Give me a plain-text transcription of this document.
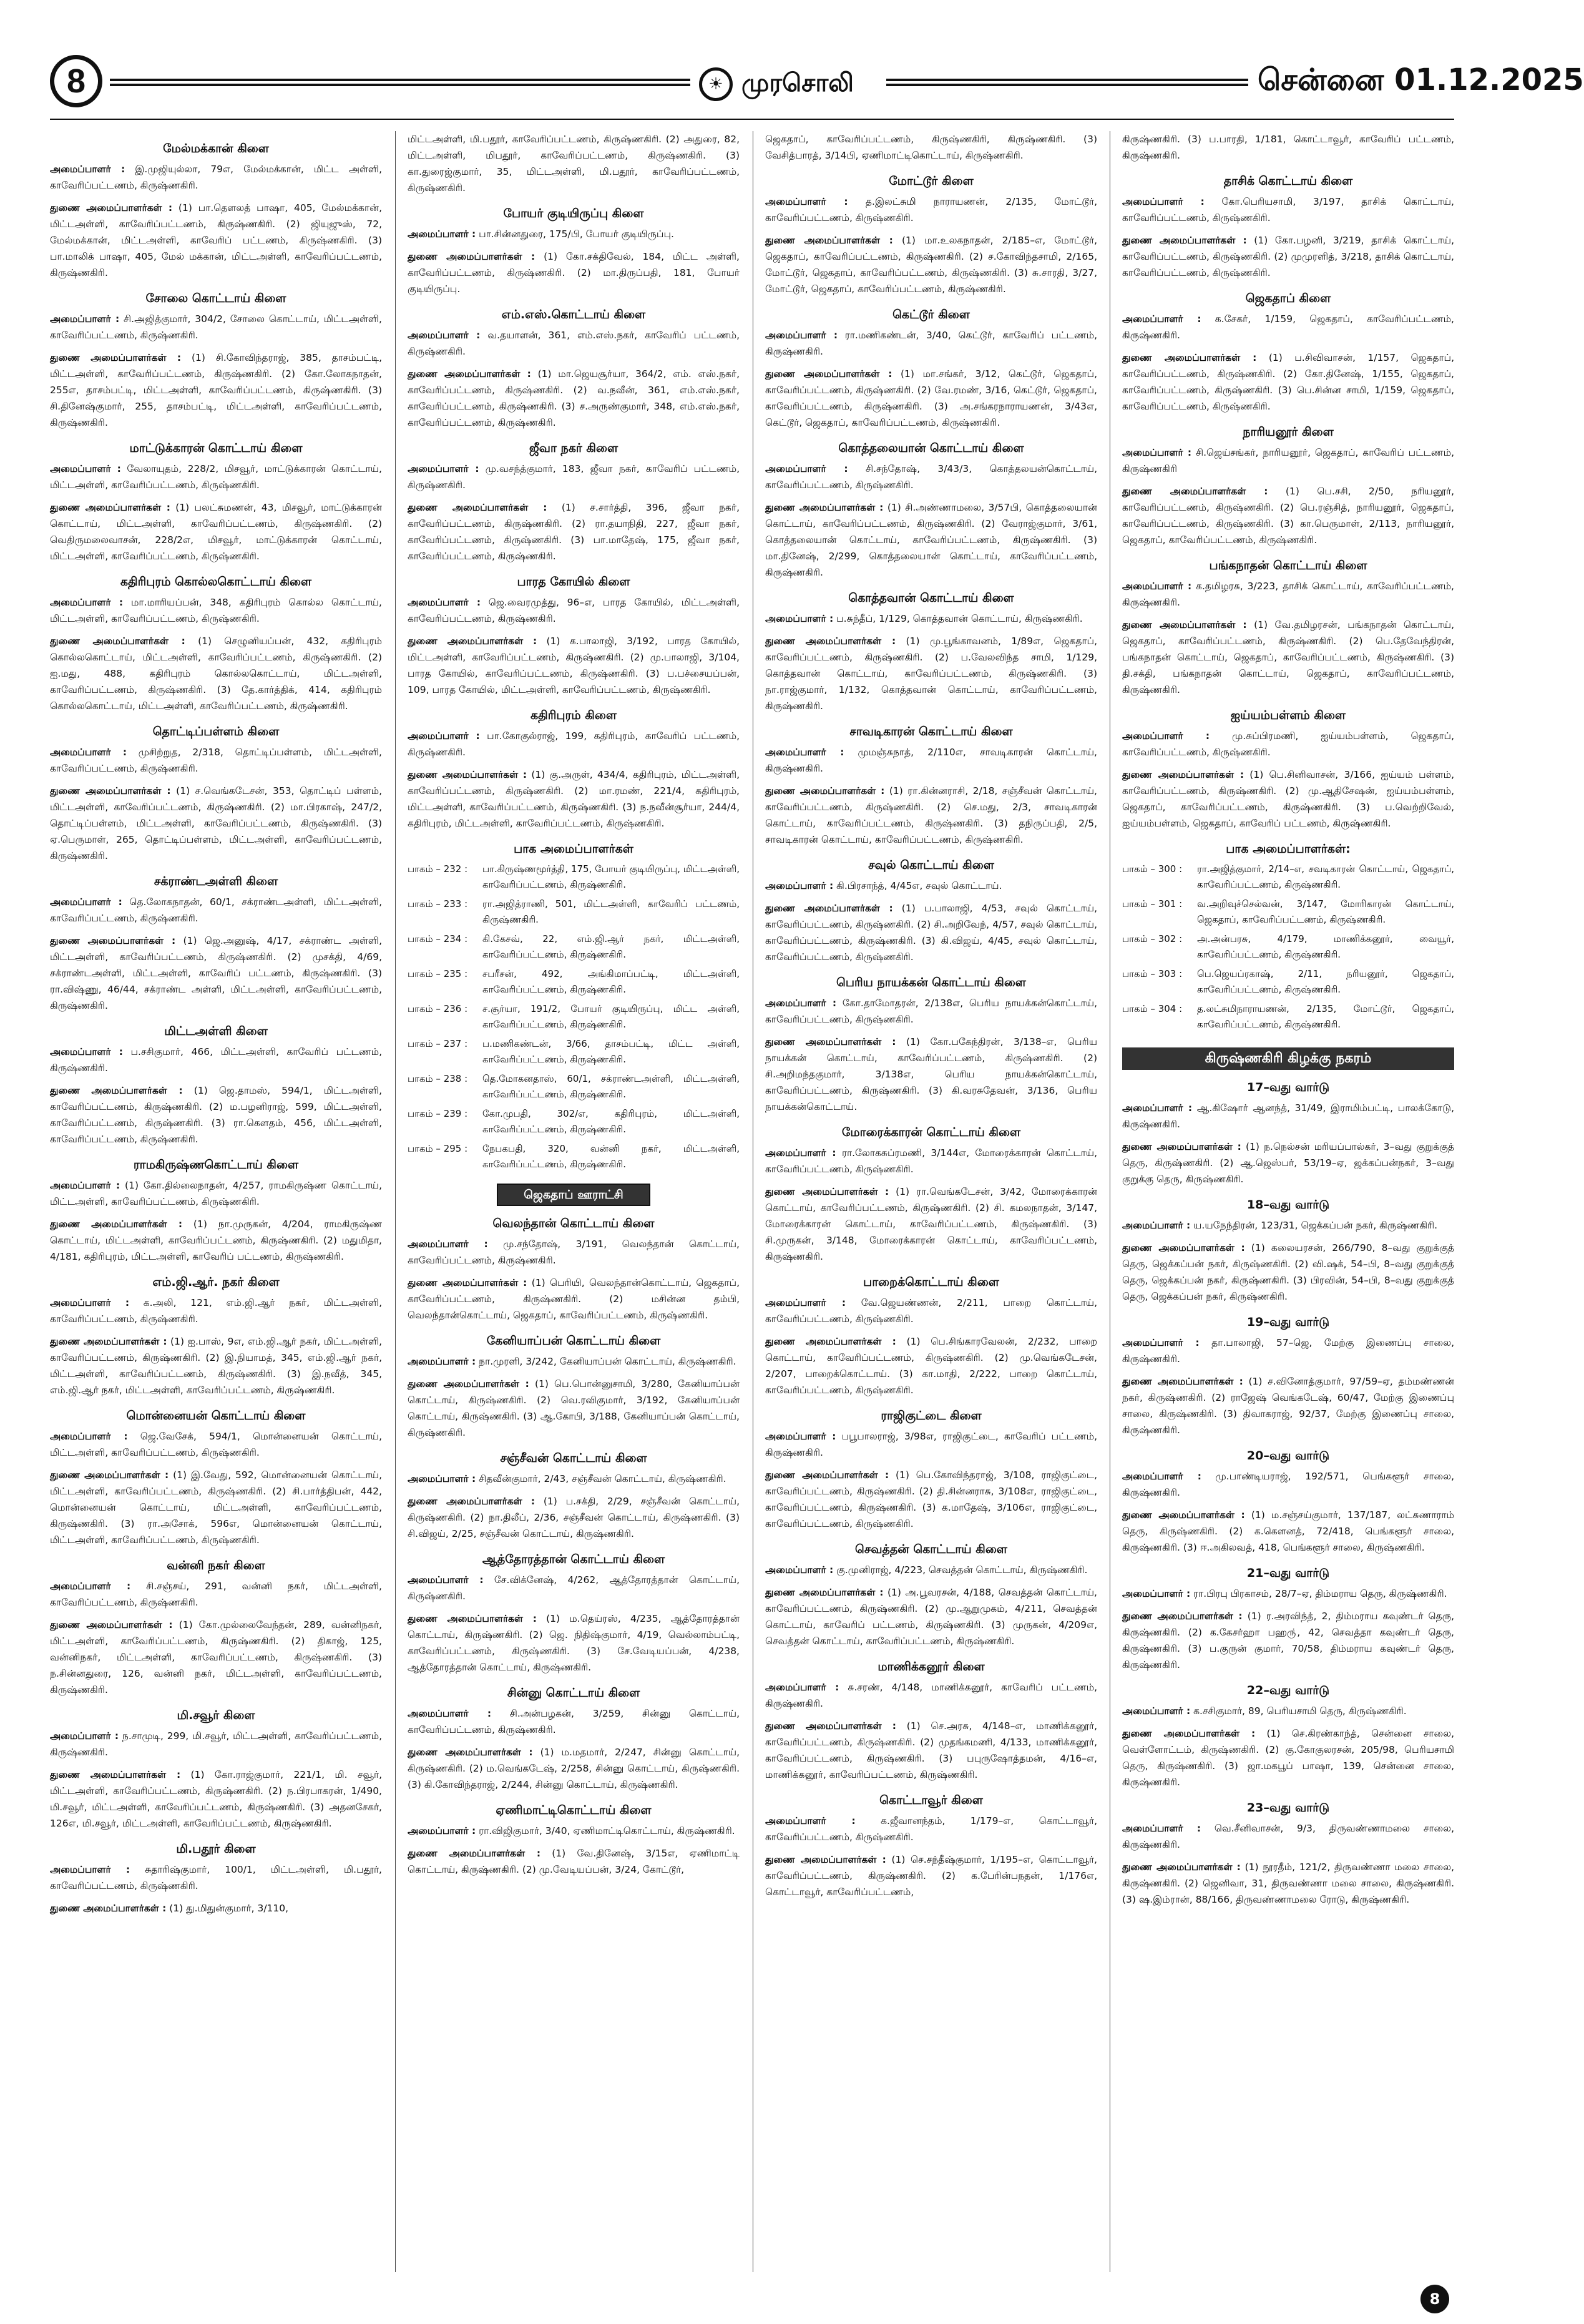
8	☀ முரசொலி	சென்னை 01.12.2025
மேல்மக்கான் கிளை

அமைப்பாளர் : இ.முஜியுல்லா, 79எ, மேல்மக்கான், மிட்ட அள்ளி, காவேரிப்பட்டணம், கிருஷ்ணகிரி.

துணை அமைப்பாளர்கள் : (1) பா.தௌலத் பாஷா, 405, மேல்மக்கான், மிட்டஅள்ளி, காவேரிப்பட்டணம், கிருஷ்ணகிரி. (2) ஜியுஜுஸ், 72, மேல்மக்கான், மிட்டஅள்ளி, காவேரிப் பட்டணம், கிருஷ்ணகிரி. (3) பா.மாலிக் பாஷா, 405, மேல் மக்கான், மிட்டஅள்ளி, காவேரிப்பட்டணம், கிருஷ்ணகிரி.

சோலை கொட்டாய் கிளை

அமைப்பாளர் : சி.அஜித்குமார், 304/2, சோலை கொட்டாய், மிட்டஅள்ளி, காவேரிப்பட்டணம், கிருஷ்ணகிரி.

துணை அமைப்பாளர்கள் : (1) சி.கோவிந்தராஜ், 385, தாசம்பட்டி, மிட்டஅள்ளி, காவேரிப்பட்டணம், கிருஷ்ணகிரி. (2) கோ.லோகநாதன், 255எ, தாசம்பட்டி, மிட்டஅள்ளி, காவேரிப்பட்டணம், கிருஷ்ணகிரி. (3) சி.தினேஷ்குமார், 255, தாசம்பட்டி, மிட்டஅள்ளி, காவேரிப்பட்டணம், கிருஷ்ணகிரி.

மாட்டுக்காரன் கொட்டாய் கிளை

அமைப்பாளர் : வேலாயுதம், 228/2, மிசவூர், மாட்டுக்காரன் கொட்டாய், மிட்டஅள்ளி, காவேரிப்பட்டணம், கிருஷ்ணகிரி.

துணை அமைப்பாளர்கள் : (1) பலட்சுமணன், 43, மிசவூர், மாட்டுக்காரன் கொட்டாய், மிட்டஅள்ளி, காவேரிப்பட்டணம், கிருஷ்ணகிரி. (2) வெதிருமலைவாசன், 228/2எ, மிசவூர், மாட்டுக்காரன் கொட்டாய், மிட்டஅள்ளி, காவேரிப்பட்டணம், கிருஷ்ணகிரி.

கதிரிபுரம் கொல்லகொட்டாய் கிளை

அமைப்பாளர் : மா.மாரியப்பன், 348, கதிரிபுரம் கொல்ல கொட்டாய், மிட்டஅள்ளி, காவேரிப்பட்டணம், கிருஷ்ணகிரி.

துணை அமைப்பாளர்கள் : (1) செழுனியப்பன், 432, கதிரிபுரம் கொல்லகொட்டாய், மிட்டஅள்ளி, காவேரிப்பட்டணம், கிருஷ்ணகிரி. (2) ஐ.மது, 488, கதிரிபுரம் கொல்லகொட்டாய், மிட்டஅள்ளி, காவேரிப்பட்டணம், கிருஷ்ணகிரி. (3) தே.கார்த்திக், 414, கதிரிபுரம் கொல்லகொட்டாய், மிட்டஅள்ளி, காவேரிப்பட்டணம், கிருஷ்ணகிரி.

தொட்டிப்பள்ளம் கிளை

அமைப்பாளர் : முசிற்றுத, 2/318, தொட்டிப்பள்ளம், மிட்டஅள்ளி, காவேரிப்பட்டணம், கிருஷ்ணகிரி.

துணை அமைப்பாளர்கள் : (1) ச.வெங்கடேசன், 353, தொட்டிப் பள்ளம், மிட்டஅள்ளி, காவேரிப்பட்டணம், கிருஷ்ணகிரி. (2) மா.பிரகாஷ், 247/2, தொட்டிப்பள்ளம், மிட்டஅள்ளி, காவேரிப்பட்டணம், கிருஷ்ணகிரி. (3) ஏ.பெருமாள், 265, தொட்டிப்பள்ளம், மிட்டஅள்ளி, காவேரிப்பட்டணம், கிருஷ்ணகிரி.

சக்ராண்டஅள்ளி கிளை

அமைப்பாளர் : தெ.லோகநாதன், 60/1, சக்ராண்டஅள்ளி, மிட்டஅள்ளி, காவேரிப்பட்டணம், கிருஷ்ணகிரி.

துணை அமைப்பாளர்கள் : (1) ஜெ.அனுஷ், 4/17, சக்ராண்ட அள்ளி, மிட்டஅள்ளி, காவேரிப்பட்டணம், கிருஷ்ணகிரி. (2) முசக்தி, 4/69, சக்ராண்டஅள்ளி, மிட்டஅள்ளி, காவேரிப் பட்டணம், கிருஷ்ணகிரி. (3) ரா.விஷ்ணு, 46/44, சக்ராண்ட அள்ளி, மிட்டஅள்ளி, காவேரிப்பட்டணம், கிருஷ்ணகிரி.

மிட்டஅள்ளி கிளை

அமைப்பாளர் : ப.சசிகுமார், 466, மிட்டஅள்ளி, காவேரிப் பட்டணம், கிருஷ்ணகிரி.

துணை அமைப்பாளர்கள் : (1) ஜெ.தாமஸ், 594/1, மிட்டஅள்ளி, காவேரிப்பட்டணம், கிருஷ்ணகிரி. (2) ம.பழனிராஜ், 599, மிட்டஅள்ளி, காவேரிப்பட்டணம், கிருஷ்ணகிரி. (3) ரா.கௌதம், 456, மிட்டஅள்ளி, காவேரிப்பட்டணம், கிருஷ்ணகிரி.

ராமகிருஷ்ணகொட்டாய் கிளை

அமைப்பாளர் : (1) கோ.தில்லைநாதன், 4/257, ராமகிருஷ்ண கொட்டாய், மிட்டஅள்ளி, காவேரிப்பட்டணம், கிருஷ்ணகிரி.

துணை அமைப்பாளர்கள் : (1) நா.முருகன், 4/204, ராமகிருஷ்ண கொட்டாய், மிட்டஅள்ளி, காவேரிப்பட்டணம், கிருஷ்ணகிரி. (2) மதுமிதா, 4/181, கதிரிபுரம், மிட்டஅள்ளி, காவேரிப் பட்டணம், கிருஷ்ணகிரி.

எம்.ஜி.ஆர். நகர் கிளை

அமைப்பாளர் : க.அலி, 121, எம்.ஜி.ஆர் நகர், மிட்டஅள்ளி, காவேரிப்பட்டணம், கிருஷ்ணகிரி.

துணை அமைப்பாளர்கள் : (1) ஐ.பாஸ், 9எ, எம்.ஜி.ஆர் நகர், மிட்டஅள்ளி, காவேரிப்பட்டணம், கிருஷ்ணகிரி. (2) இ.நியாமத், 345, எம்.ஜி.ஆர் நகர், மிட்டஅள்ளி, காவேரிப்பட்டணம், கிருஷ்ணகிரி. (3) இ.நவீத், 345, எம்.ஜி.ஆர் நகர், மிட்டஅள்ளி, காவேரிப்பட்டணம், கிருஷ்ணகிரி.

மொன்னையன் கொட்டாய் கிளை

அமைப்பாளர் : ஜெ.வேசேக், 594/1, மொன்னையன் கொட்டாய், மிட்டஅள்ளி, காவேரிப்பட்டணம், கிருஷ்ணகிரி.

துணை அமைப்பாளர்கள் : (1) இ.வேது, 592, மொன்னையன் கொட்டாய், மிட்டஅள்ளி, காவேரிப்பட்டணம், கிருஷ்ணகிரி. (2) சி.பார்த்திபன், 442, மொன்னையன் கொட்டாய், மிட்டஅள்ளி, காவேரிப்பட்டணம், கிருஷ்ணகிரி. (3) ரா.அசோக், 596எ, மொன்னையன் கொட்டாய், மிட்டஅள்ளி, காவேரிப்பட்டணம், கிருஷ்ணகிரி.

வன்னி நகர் கிளை

அமைப்பாளர் : சி.சஞ்சய், 291, வன்னி நகர், மிட்டஅள்ளி, காவேரிப்பட்டணம், கிருஷ்ணகிரி.

துணை அமைப்பாளர்கள் : (1) கோ.முல்லைவேந்தன், 289, வன்னிநகர், மிட்டஅள்ளி, காவேரிப்பட்டணம், கிருஷ்ணகிரி. (2) திகாஜ், 125, வன்னிநகர், மிட்டஅள்ளி, காவேரிப்பட்டணம், கிருஷ்ணகிரி. (3) ந.சின்னதுரை, 126, வன்னி நகர், மிட்டஅள்ளி, காவேரிப்பட்டணம், கிருஷ்ணகிரி.

மி.சவூர் கிளை

அமைப்பாளர் : ந.சாமுடி, 299, மி.சவூர், மிட்டஅள்ளி, காவேரிப்பட்டணம், கிருஷ்ணகிரி.

துணை அமைப்பாளர்கள் : (1) கோ.ராஜ்குமார், 221/1, மி. சவூர், மிட்டஅள்ளி, காவேரிப்பட்டணம், கிருஷ்ணகிரி. (2) ந.பிரபாகரன், 1/490, மி.சவூர், மிட்டஅள்ளி, காவேரிப்பட்டணம், கிருஷ்ணகிரி. (3) அதனசேகர், 126எ, மி.சவூர், மிட்டஅள்ளி, காவேரிப்பட்டணம், கிருஷ்ணகிரி.

மி.பதூர் கிளை

அமைப்பாளர் : சுதாரிஷ்குமார், 100/1, மிட்டஅள்ளி, மி.பதூர், காவேரிப்பட்டணம், கிருஷ்ணகிரி.

துணை அமைப்பாளர்கள் : (1) து.மிதுன்குமார், 3/110,

மிட்டஅள்ளி, மி.பதூர், காவேரிப்பட்டணம், கிருஷ்ணகிரி. (2) அதுரை, 82, மிட்டஅள்ளி, மிபதூர், காவேரிப்பட்டணம், கிருஷ்ணகிரி. (3) கா.துரைஜ்குமார், 35, மிட்டஅள்ளி, மி.பதூர், காவேரிப்பட்டணம், கிருஷ்ணகிரி.

போயர் குடியிருப்பு கிளை

அமைப்பாளர் : பா.சின்னதுரை, 175/பி, போயர் குடியிருப்பு.

துணை அமைப்பாளர்கள் : (1) கோ.சக்திவேல், 184, மிட்ட அள்ளி, காவேரிப்பட்டணம், கிருஷ்ணகிரி. (2) மா.திருப்பதி, 181, போயர் குடியிருப்பு.

எம்.எஸ்.கொட்டாய் கிளை

அமைப்பாளர் : வ.தயாளன், 361, எம்.எஸ்.நகர், காவேரிப் பட்டணம், கிருஷ்ணகிரி.

துணை அமைப்பாளர்கள் : (1) மா.ஜெயசூர்யா, 364/2, எம். எஸ்.நகர், காவேரிப்பட்டணம், கிருஷ்ணகிரி. (2) வ.நவீன், 361, எம்.எஸ்.நகர், காவேரிப்பட்டணம், கிருஷ்ணகிரி. (3) ச.அருண்குமார், 348, எம்.எஸ்.நகர், காவேரிப்பட்டணம், கிருஷ்ணகிரி.

ஜீவா நகர் கிளை

அமைப்பாளர் : மு.வசந்த்குமார், 183, ஜீவா நகர், காவேரிப் பட்டணம், கிருஷ்ணகிரி.

துணை அமைப்பாளர்கள் : (1) ச.சார்த்தி, 396, ஜீவா நகர், காவேரிப்பட்டணம், கிருஷ்ணகிரி. (2) ரா.தயாநிதி, 227, ஜீவா நகர், காவேரிப்பட்டணம், கிருஷ்ணகிரி. (3) பா.மாதேஷ், 175, ஜீவா நகர், காவேரிப்பட்டணம், கிருஷ்ணகிரி.

பாரத கோயில் கிளை

அமைப்பாளர் : ஜெ.வைரமுத்து, 96–எ, பாரத கோயில், மிட்டஅள்ளி, காவேரிப்பட்டணம், கிருஷ்ணகிரி.

துணை அமைப்பாளர்கள் : (1) க.பாலாஜி, 3/192, பாரத கோயில், மிட்டஅள்ளி, காவேரிப்பட்டணம், கிருஷ்ணகிரி. (2) மு.பாலாஜி, 3/104, பாரத கோயில், காவேரிப்பட்டணம், கிருஷ்ணகிரி. (3) ப.பச்சையப்பன், 109, பாரத கோயில், மிட்டஅள்ளி, காவேரிப்பட்டணம், கிருஷ்ணகிரி.

கதிரிபுரம் கிளை

அமைப்பாளர் : பா.கோகுல்ராஜ், 199, கதிரிபுரம், காவேரிப் பட்டணம், கிருஷ்ணகிரி.

துணை அமைப்பாளர்கள் : (1) கு.அருள், 434/4, கதிரிபுரம், மிட்டஅள்ளி, காவேரிப்பட்டணம், கிருஷ்ணகிரி. (2) மா.ரமண், 221/4, கதிரிபுரம், மிட்டஅள்ளி, காவேரிப்பட்டணம், கிருஷ்ணகிரி. (3) ந.நவீன்சூர்யா, 244/4, கதிரிபுரம், மிட்டஅள்ளி, காவேரிப்பட்டணம், கிருஷ்ணகிரி.

பாக அமைப்பாளர்கள்
பாகம் – 232 :	பா.கிருஷ்ணமூர்த்தி, 175, போயர் குடியிருப்பு, மிட்டஅள்ளி, காவேரிப்பட்டணம், கிருஷ்ணகிரி.
பாகம் – 233 :	ரா.அஜித்ராணி, 501, மிட்டஅள்ளி, காவேரிப் பட்டணம், கிருஷ்ணகிரி.
பாகம் – 234 :	கி.கேசவ், 22, எம்.ஜி.ஆர் நகர், மிட்டஅள்ளி, காவேரிப்பட்டணம், கிருஷ்ணகிரி.
பாகம் – 235 :	சபரீசன், 492, அங்கிமாப்பட்டி, மிட்டஅள்ளி, காவேரிப்பட்டணம், கிருஷ்ணகிரி.
பாகம் – 236 :	ச.சூர்யா, 191/2, போயர் குடியிருப்பு, மிட்ட அள்ளி, காவேரிப்பட்டணம், கிருஷ்ணகிரி.
பாகம் – 237 :	ப.மணிகண்டன், 3/66, தாசம்பட்டி, மிட்ட அள்ளி, காவேரிப்பட்டணம், கிருஷ்ணகிரி.
பாகம் – 238 :	தெ.மோகனதாஸ், 60/1, சக்ராண்டஅள்ளி, மிட்டஅள்ளி, காவேரிப்பட்டணம், கிருஷ்ணகிரி.
பாகம் – 239 :	கோ.முபதி, 302/எ, கதிரிபுரம், மிட்டஅள்ளி, காவேரிப்பட்டணம், கிருஷ்ணகிரி.
பாகம் – 295 :	நேபகபதி, 320, வன்னி நகர், மிட்டஅள்ளி, காவேரிப்பட்டணம், கிருஷ்ணகிரி.
ஜெகதாப் ஊராட்சி
வெலந்தான் கொட்டாய் கிளை

அமைப்பாளர் : மு.சந்தோஷ், 3/191, வெலந்தான் கொட்டாய், காவேரிப்பட்டணம், கிருஷ்ணகிரி.

துணை அமைப்பாளர்கள் : (1) பெரியி, வெலந்தான்கொட்டாய், ஜெகதாப், காவேரிப்பட்டணம், கிருஷ்ணகிரி. (2) மசின்ன தம்பி, வெலந்தான்கொட்டாய், ஜெகதாப், காவேரிப்பட்டணம், கிருஷ்ணகிரி.

கேனியாப்பன் கொட்டாய் கிளை

அமைப்பாளர் : நா.முரளி, 3/242, கேனியாப்பன் கொட்டாய், கிருஷ்ணகிரி.

துணை அமைப்பாளர்கள் : (1) பெ.பொன்னுசாமி, 3/280, கேனியாப்பன் கொட்டாய், கிருஷ்ணகிரி. (2) வெ.ரவிகுமார், 3/192, கேனியாப்பன் கொட்டாய், கிருஷ்ணகிரி. (3) ஆ.கோபி, 3/188, கேனியாப்பன் கொட்டாய், கிருஷ்ணகிரி.

சஞ்சீவன் கொட்டாய் கிளை

அமைப்பாளர் : சிதவீன்குமார், 2/43, சஞ்சீவன் கொட்டாய், கிருஷ்ணகிரி.

துணை அமைப்பாளர்கள் : (1) ப.சக்தி, 2/29, சஞ்சீவன் கொட்டாய், கிருஷ்ணகிரி. (2) நா.திலீப், 2/36, சஞ்சீவன் கொட்டாய், கிருஷ்ணகிரி. (3) சி.விஜய், 2/25, சஞ்சீவன் கொட்டாய், கிருஷ்ணகிரி.

ஆத்தோரத்தான் கொட்டாய் கிளை

அமைப்பாளர் : சே.விக்னேஷ், 4/262, ஆத்தோரத்தான் கொட்டாய், கிருஷ்ணகிரி.

துணை அமைப்பாளர்கள் : (1) ம.தெய்ரஸ், 4/235, ஆத்தோரத்தான் கொட்டாய், கிருஷ்ணகிரி. (2) ஜெ. நிதிஷ்குமார், 4/19, வெல்லாம்பட்டி, காவேரிப்பட்டணம், கிருஷ்ணகிரி. (3) சே.வேடியப்பன், 4/238, ஆத்தோரத்தான் கொட்டாய், கிருஷ்ணகிரி.

சின்னு கொட்டாய் கிளை

அமைப்பாளர் : சி.அன்பழகன், 3/259, சின்னு கொட்டாய், காவேரிப்பட்டணம், கிருஷ்ணகிரி.

துணை அமைப்பாளர்கள் : (1) ம.மதமார், 2/247, சின்னு கொட்டாய், கிருஷ்ணகிரி. (2) ம.வெங்கடேஷ், 2/258, சின்னு கொட்டாய், கிருஷ்ணகிரி. (3) கி.கோவிந்தராஜ், 2/244, சின்னு கொட்டாய், கிருஷ்ணகிரி.

ஏணிமாட்டிகொட்டாய் கிளை

அமைப்பாளர் : ரா.விஜிகுமார், 3/40, ஏணிமாட்டிகொட்டாய், கிருஷ்ணகிரி.

துணை அமைப்பாளர்கள் : (1) வே.தினேஷ், 3/15எ, ஏணிமாட்டி கொட்டாய், கிருஷ்ணகிரி. (2) மு.வேடியப்பன், 3/24, கோட்டூர்,

ஜெகதாப், காவேரிப்பட்டணம், கிருஷ்ணகிரி, கிருஷ்ணகிரி. (3) வேசித்பாரத், 3/14பி, ஏணிமாட்டிகொட்டாய், கிருஷ்ணகிரி.

மோட்டூர் கிளை

அமைப்பாளர் : த.இலட்சுமி நாராயணன், 2/135, மோட்டூர், காவேரிப்பட்டணம், கிருஷ்ணகிரி.

துணை அமைப்பாளர்கள் : (1) மா.உலகநாதன், 2/185–எ, மோட்டூர், ஜெகதாப், காவேரிப்பட்டணம், கிருஷ்ணகிரி. (2) ச.கோவிந்தசாமி, 2/165, மோட்டூர், ஜெகதாப், காவேரிப்பட்டணம், கிருஷ்ணகிரி. (3) சு.சாரதி, 3/27, மோட்டூர், ஜெகதாப், காவேரிப்பட்டணம், கிருஷ்ணகிரி.

கெட்டூர் கிளை

அமைப்பாளர் : ரா.மணிகண்டன், 3/40, கெட்டூர், காவேரிப் பட்டணம், கிருஷ்ணகிரி.

துணை அமைப்பாளர்கள் : (1) மா.சங்கர், 3/12, கெட்டூர், ஜெகதாப், காவேரிப்பட்டணம், கிருஷ்ணகிரி. (2) வே.ரமண், 3/16, கெட்டூர், ஜெகதாப், காவேரிப்பட்டணம், கிருஷ்ணகிரி. (3) அ.சங்கரநாராயணன், 3/43எ, கெட்டூர், ஜெகதாப், காவேரிப்பட்டணம், கிருஷ்ணகிரி.

கொத்தலையான் கொட்டாய் கிளை

அமைப்பாளர் : சி.சந்தோஷ், 3/43/3, கொத்தலயன்கொட்டாய், காவேரிப்பட்டணம், கிருஷ்ணகிரி.

துணை அமைப்பாளர்கள் : (1) சி.அண்ணாமலை, 3/57பி, கொத்தலையான் கொட்டாய், காவேரிப்பட்டணம், கிருஷ்ணகிரி. (2) வேராஜ்குமார், 3/61, கொத்தலையான் கொட்டாய், காவேரிப்பட்டணம், கிருஷ்ணகிரி. (3) மா.தினேஷ், 2/299, கொத்தலையான் கொட்டாய், காவேரிப்பட்டணம், கிருஷ்ணகிரி.

கொத்தவான் கொட்டாய் கிளை

அமைப்பாளர் : ப.சுந்தீப், 1/129, கொத்தவான் கொட்டாய், கிருஷ்ணகிரி.

துணை அமைப்பாளர்கள் : (1) மு.பூங்காவனம், 1/89எ, ஜெகதாப், காவேரிப்பட்டணம், கிருஷ்ணகிரி. (2) ப.வேலவிந்த சாமி, 1/129, கொத்தவான் கொட்டாய், காவேரிப்பட்டணம், கிருஷ்ணகிரி. (3) நா.ராஜ்குமார், 1/132, கொத்தவான் கொட்டாய், காவேரிப்பட்டணம், கிருஷ்ணகிரி.

சாவடிகாரன் கொட்டாய் கிளை

அமைப்பாளர் : முமஞ்சுநாத், 2/110எ, சாவடிகாரன் கொட்டாய், கிருஷ்ணகிரி.

துணை அமைப்பாளர்கள் : (1) ரா.கின்னராசி, 2/18, சஞ்சீவன் கொட்டாய், காவேரிப்பட்டணம், கிருஷ்ணகிரி. (2) செ.மது, 2/3, சாவடிகாரன் கொட்டாய், காவேரிப்பட்டணம், கிருஷ்ணகிரி. (3) தநிருப்பதி, 2/5, சாவடிகாரன் கொட்டாய், காவேரிப்பட்டணம், கிருஷ்ணகிரி.

சவுல் கொட்டாய் கிளை

அமைப்பாளர் : கி.பிரசாந்த், 4/45எ, சவுல் கொட்டாய்.

துணை அமைப்பாளர்கள் : (1) ப.பாலாஜி, 4/53, சவுல் கொட்டாய், காவேரிப்பட்டணம், கிருஷ்ணகிரி. (2) சி.அறிவேந், 4/57, சவுல் கொட்டாய், காவேரிப்பட்டணம், கிருஷ்ணகிரி. (3) கி.விஜய், 4/45, சவுல் கொட்டாய், காவேரிப்பட்டணம், கிருஷ்ணகிரி.

பெரிய நாயக்கன் கொட்டாய் கிளை

அமைப்பாளர் : கோ.தாமோதரன், 2/138எ, பெரிய நாயக்கன்கொட்டாய், காவேரிப்பட்டணம், கிருஷ்ணகிரி.

துணை அமைப்பாளர்கள் : (1) கோ.பகேந்திரன், 3/138–எ, பெரிய நாயக்கன் கொட்டாய், காவேரிப்பட்டணம், கிருஷ்ணகிரி. (2) சி.அறிமந்தகுமார், 3/138எ, பெரிய நாயக்கன்கொட்டாய், காவேரிப்பட்டணம், கிருஷ்ணகிரி. (3) கி.வரசுதேவன், 3/136, பெரிய நாயக்கன்கொட்டாய்.

மோரைக்காரன் கொட்டாய் கிளை

அமைப்பாளர் : ரா.லோகசுப்ரமணி, 3/144எ, மோரைக்காரன் கொட்டாய், காவேரிப்பட்டணம், கிருஷ்ணகிரி.

துணை அமைப்பாளர்கள் : (1) ரா.வெங்கடேசன், 3/42, மோரைக்காரன் கொட்டாய், காவேரிப்பட்டணம், கிருஷ்ணகிரி. (2) சி. கமலநாதன், 3/147, மோரைக்காரன் கொட்டாய், காவேரிப்பட்டணம், கிருஷ்ணகிரி. (3) சி.முருகன், 3/148, மோரைக்காரன் கொட்டாய், காவேரிப்பட்டணம், கிருஷ்ணகிரி.

பாறைக்கொட்டாய் கிளை

அமைப்பாளர் : வே.ஜெயண்ணன், 2/211, பாறை கொட்டாய், காவேரிப்பட்டணம், கிருஷ்ணகிரி.

துணை அமைப்பாளர்கள் : (1) பெ.சிங்காரவேலன், 2/232, பாறை கொட்டாய், காவேரிப்பட்டணம், கிருஷ்ணகிரி. (2) மு.வெங்கடேசன், 2/207, பாறைக்கொட்டாய். (3) கா.மாதி, 2/222, பாறை கொட்டாய், காவேரிப்பட்டணம், கிருஷ்ணகிரி.

ராஜிகுட்டை கிளை

அமைப்பாளர் : பபூபாலராஜ், 3/98எ, ராஜிகுட்டை, காவேரிப் பட்டணம், கிருஷ்ணகிரி.

துணை அமைப்பாளர்கள் : (1) பெ.கோவிந்தராஜ், 3/108, ராஜிகுட்டை, காவேரிப்பட்டணம், கிருஷ்ணகிரி. (2) தி.சின்னராசு, 3/108எ, ராஜிகுட்டை, காவேரிப்பட்டணம், கிருஷ்ணகிரி. (3) க.மாதேஷ், 3/106எ, ராஜிகுட்டை, காவேரிப்பட்டணம், கிருஷ்ணகிரி.

செவத்தன் கொட்டாய் கிளை

அமைப்பாளர் : கு.முனிராஜ், 4/223, செவத்தன் கொட்டாய், கிருஷ்ணகிரி.

துணை அமைப்பாளர்கள் : (1) அ.பூவரசன், 4/188, செவத்தன் கொட்டாய், காவேரிப்பட்டணம், கிருஷ்ணகிரி. (2) மு.ஆறுமுகம், 4/211, செவத்தன் கொட்டாய், காவேரிப் பட்டணம், கிருஷ்ணகிரி. (3) முருகன், 4/209எ, செவத்தன் கொட்டாய், காவேரிப்பட்டணம், கிருஷ்ணகிரி.

மாணிக்கனூர் கிளை

அமைப்பாளர் : சு.சரண், 4/148, மாணிக்கனூர், காவேரிப் பட்டணம், கிருஷ்ணகிரி.

துணை அமைப்பாளர்கள் : (1) செ.அரசு, 4/148–எ, மாணிக்கனூர், காவேரிப்பட்டணம், கிருஷ்ணகிரி. (2) முதங்கமணி, 4/133, மாணிக்கனூர், காவேரிப்பட்டணம், கிருஷ்ணகிரி. (3) பபுருஷோத்தமன், 4/16–எ, மாணிக்கனூர், காவேரிப்பட்டணம், கிருஷ்ணகிரி.

கொட்டாவூர் கிளை

அமைப்பாளர் : க.ஜீவானந்தம், 1/179–எ, கொட்டாவூர், காவேரிப்பட்டணம், கிருஷ்ணகிரி.

துணை அமைப்பாளர்கள் : (1) செ.சந்தீஷ்குமார், 1/195–எ, கொட்டாவூர், காவேரிப்பட்டணம், கிருஷ்ணகிரி. (2) க.பேரின்பநதன், 1/176எ, கொட்டாவூர், காவேரிப்பட்டணம்,

கிருஷ்ணகிரி. (3) ப.பாரதி, 1/181, கொட்டாவூர், காவேரிப் பட்டணம், கிருஷ்ணகிரி.

தாசிக் கொட்டாய் கிளை

அமைப்பாளர் : கோ.பெரியசாமி, 3/197, தாசிக் கொட்டாய், காவேரிப்பட்டணம், கிருஷ்ணகிரி.

துணை அமைப்பாளர்கள் : (1) கோ.பழனி, 3/219, தாசிக் கொட்டாய், காவேரிப்பட்டணம், கிருஷ்ணகிரி. (2) முமுரளித், 3/218, தாசிக் கொட்டாய், காவேரிப்பட்டணம், கிருஷ்ணகிரி.

ஜெகதாப் கிளை

அமைப்பாளர் : க.சேகர், 1/159, ஜெகதாப், காவேரிப்பட்டணம், கிருஷ்ணகிரி.

துணை அமைப்பாளர்கள் : (1) ப.சிவிவாசன், 1/157, ஜெகதாப், காவேரிப்பட்டணம், கிருஷ்ணகிரி. (2) கோ.தினேஷ், 1/155, ஜெகதாப், காவேரிப்பட்டணம், கிருஷ்ணகிரி. (3) பெ.சின்ன சாமி, 1/159, ஜெகதாப், காவேரிப்பட்டணம், கிருஷ்ணகிரி.

நாரியனூர் கிளை

அமைப்பாளர் : சி.ஜெய்சங்கர், நாரியனூர், ஜெகதாப், காவேரிப் பட்டணம், கிருஷ்ணகிரி

துணை அமைப்பாளர்கள் : (1) பெ.சசி, 2/50, நரியனூர், காவேரிப்பட்டணம், கிருஷ்ணகிரி. (2) பெ.ரஞ்சித், நாரியனூர், ஜெகதாப், காவேரிப்பட்டணம், கிருஷ்ணகிரி. (3) கா.பெருமாள், 2/113, நாரியனூர், ஜெகதாப், காவேரிப்பட்டணம், கிருஷ்ணகிரி.

பங்கநாதன் கொட்டாய் கிளை

அமைப்பாளர் : க.தமிழரசு, 3/223, தாசிக் கொட்டாய், காவேரிப்பட்டணம், கிருஷ்ணகிரி.

துணை அமைப்பாளர்கள் : (1) வே.தமிழரசன், பங்கநாதன் கொட்டாய், ஜெகதாப், காவேரிப்பட்டணம், கிருஷ்ணகிரி. (2) பெ.தேவேந்திரன், பங்கநாதன் கொட்டாய், ஜெகதாப், காவேரிப்பட்டணம், கிருஷ்ணகிரி. (3) தி.சக்தி, பங்கநாதன் கொட்டாய், ஜெகதாப், காவேரிப்பட்டணம், கிருஷ்ணகிரி.

ஐய்யம்பள்ளம் கிளை

அமைப்பாளர் : மு.சுப்பிரமணி, ஐய்யம்பள்ளம், ஜெகதாப், காவேரிப்பட்டணம், கிருஷ்ணகிரி.

துணை அமைப்பாளர்கள் : (1) பெ.சினிவாசன், 3/166, ஐய்யம் பள்ளம், காவேரிப்பட்டணம், கிருஷ்ணகிரி. (2) மு.ஆதிசேஷன், ஐய்யம்பள்ளம், ஜெகதாப், காவேரிப்பட்டணம், கிருஷ்ணகிரி. (3) ப.வெற்றிவேல், ஐய்யம்பள்ளம், ஜெகதாப், காவேரிப் பட்டணம், கிருஷ்ணகிரி.

பாக அமைப்பாளர்கள்:
பாகம் – 300 :	ரா.அஜித்குமார், 2/14–எ, சவடிகாரன் கொட்டாய், ஜெகதாப், காவேரிப்பட்டணம், கிருஷ்ணகிரி.
பாகம் – 301 :	வ.அறிவுச்செல்வன், 3/147, மோரிகாரன் கொட்டாய், ஜெகதாப், காவேரிப்பட்டணம், கிருஷ்ணகிரி.
பாகம் – 302 :	அ.அன்பரசு, 4/179, மாணிக்கனூர், வையூர், காவேரிப்பட்டணம், கிருஷ்ணகிரி.
பாகம் – 303 :	பெ.ஜெயப்ரகாஷ், 2/11, நரியனூர், ஜெகதாப், காவேரிப்பட்டணம், கிருஷ்ணகிரி.
பாகம் – 304 :	த.லட்சுமிநாராயணன், 2/135, மோட்டூர், ஜெகதாப், காவேரிப்பட்டணம், கிருஷ்ணகிரி.
கிருஷ்ணகிரி கிழக்கு நகரம்
17–வது வார்டு

அமைப்பாளர் : ஆ.கிஷோர் ஆனந்த், 31/49, இராமிம்பட்டி, பாலக்கோடு, கிருஷ்ணகிரி.

துணை அமைப்பாளர்கள் : (1) ந.நெல்சன் மரியப்பால்கர், 3–வது குறுக்குத் தெரு, கிருஷ்ணகிரி. (2) ஆ.ஜெஸ்பர், 53/19–ஏ, ஜக்கப்பன்நகர், 3–வது குறுக்கு தெரு, கிருஷ்ணகிரி.

18–வது வார்டு

அமைப்பாளர் : ய.யநேந்திரன், 123/31, ஜெக்கப்பன் நகர், கிருஷ்ணகிரி.

துணை அமைப்பாளர்கள் : (1) கலையரசன், 266/790, 8–வது குறுக்குத் தெரு, ஜெக்கப்பன் நகர், கிருஷ்ணகிரி. (2) வி.ஷக், 54–பி, 8–வது குறுக்குத் தெரு, ஜெக்கப்பன் நகர், கிருஷ்ணகிரி. (3) பிரவின், 54–பி, 8–வது குறுக்குத் தெரு, ஜெக்கப்பன் நகர், கிருஷ்ணகிரி.

19–வது வார்டு

அமைப்பாளர் : தா.பாலாஜி, 57–ஜெ, மேற்கு இணைப்பு சாலை, கிருஷ்ணகிரி.

துணை அமைப்பாளர்கள் : (1) ச.வினோத்குமார், 97/59–ஏ, தம்மண்ணன் நகர், கிருஷ்ணகிரி. (2) ராஜேஷ் வெங்கடேஷ், 60/47, மேற்கு இணைப்பு சாலை, கிருஷ்ணகிரி. (3) திவாகராஜ், 92/37, மேற்கு இணைப்பு சாலை, கிருஷ்ணகிரி.

20–வது வார்டு

அமைப்பாளர் : மு.பாண்டியராஜ், 192/571, பெங்களூர் சாலை, கிருஷ்ணகிரி.

துணை அமைப்பாளர்கள் : (1) ம.சஞ்சய்குமார், 137/187, லட்சுணாராம் தெரு, கிருஷ்ணகிரி. (2) க.கெளனத், 72/418, பெங்களூர் சாலை, கிருஷ்ணகிரி. (3) ஈ.அகிலவத், 418, பெங்களூர் சாலை, கிருஷ்ணகிரி.

21–வது வார்டு

அமைப்பாளர் : ரா.பிரபு பிரகாசம், 28/7–ஏ, திம்மராய தெரு, கிருஷ்ணகிரி.

துணை அமைப்பாளர்கள் : (1) ர.அரவிந்த், 2, திம்மராய கவுண்டர் தெரு, கிருஷ்ணகிரி. (2) க.கேசர்ஹா பஹரு், 42, செவத்தா கவுண்டர் தெரு, கிருஷ்ணகிரி. (3) ப.குருன் குமார், 70/58, திம்மராய கவுண்டர் தெரு, கிருஷ்ணகிரி.

22–வது வார்டு

அமைப்பாளர் : க.சசிகுமார், 89, பெரியசாமி தெரு, கிருஷ்ணகிரி.

துணை அமைப்பாளர்கள் : (1) செ.கிரண்காந்த், சென்னை சாலை, வெள்ளோட்டம், கிருஷ்ணகிரி. (2) கு.கோகுலரசன், 205/98, பெரியசாமி தெரு, கிருஷ்ணகிரி. (3) ஜா.மகபூப் பாஷா, 139, சென்னை சாலை, கிருஷ்ணகிரி.

23–வது வார்டு

அமைப்பாளர் : வெ.சீனிவாசன், 9/3, திருவண்ணாமலை சாலை, கிருஷ்ணகிரி.

துணை அமைப்பாளர்கள் : (1) நூரதீம், 121/2, திருவண்ணா மலை சாலை, கிருஷ்ணகிரி. (2) ஜெனிவா, 31, திருவண்ணா மலை சாலை, கிருஷ்ணகிரி. (3) ஷ.இம்ரான், 88/166, திருவண்ணாமலை ரோடு, கிருஷ்ணகிரி.

8
